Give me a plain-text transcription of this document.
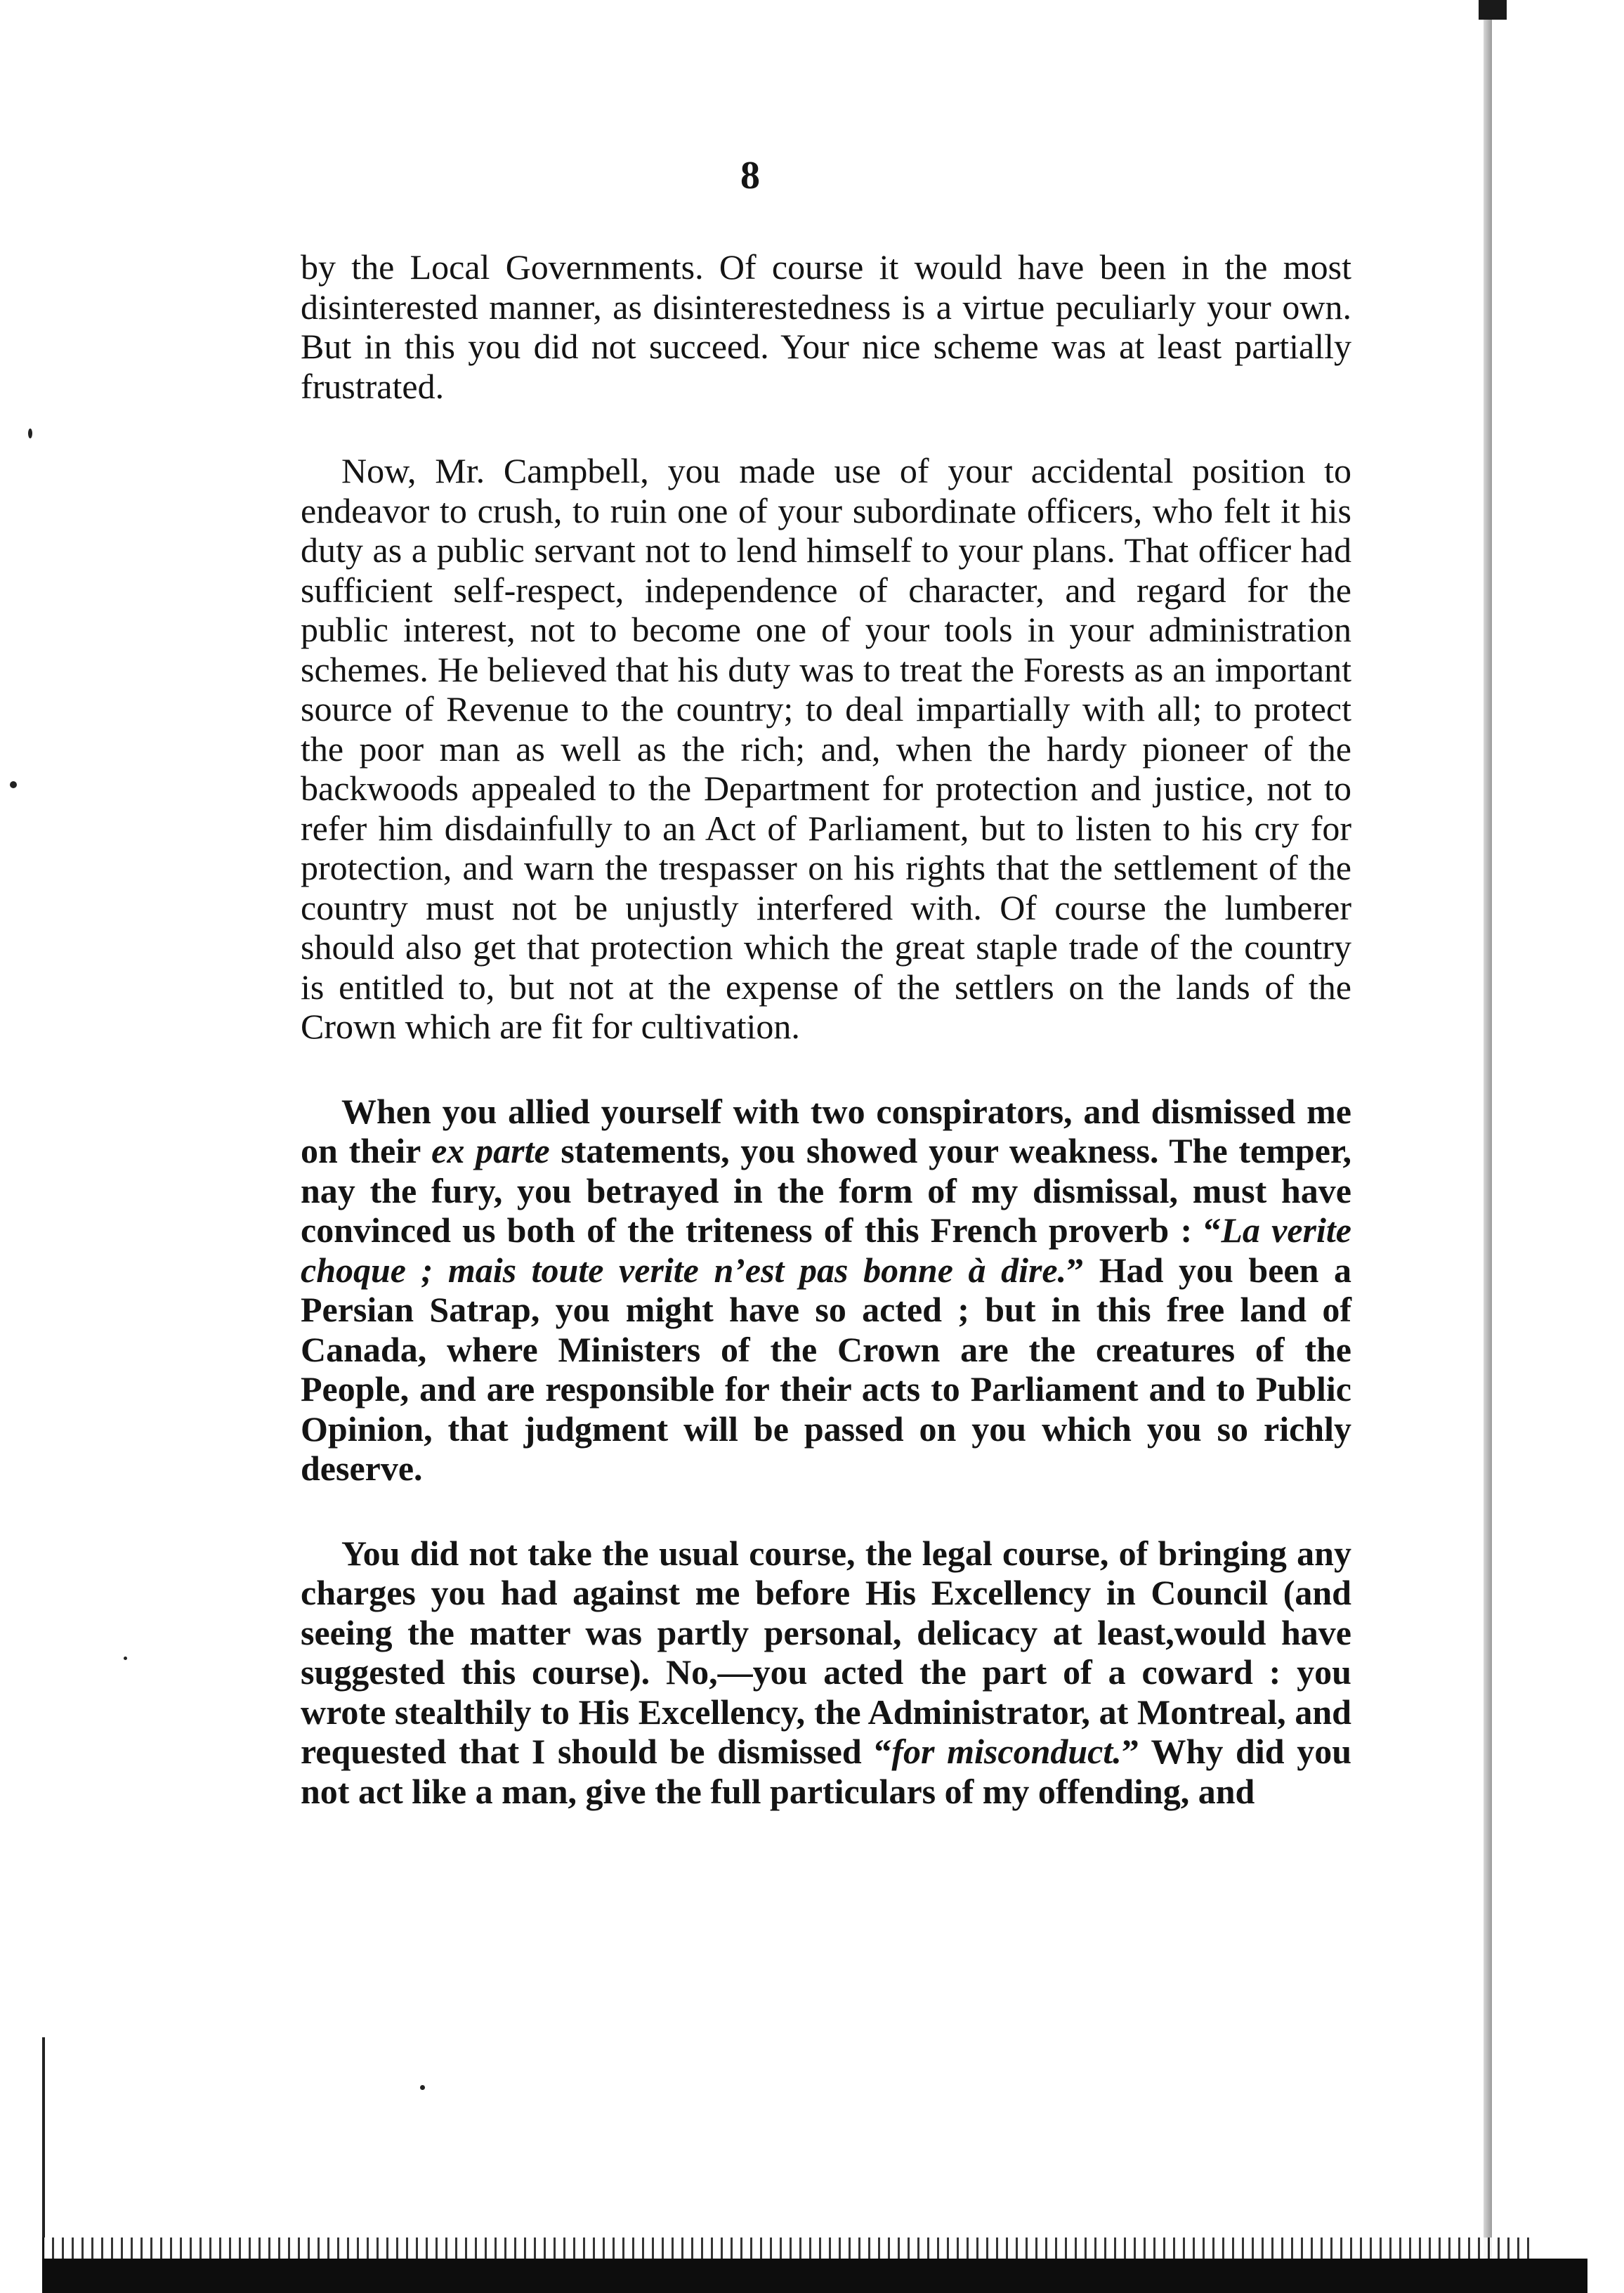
8

by the Local Governments. Of course it would have been in the most disinterested manner, as disinterestedness is a virtue peculiarly your own. But in this you did not succeed. Your nice scheme was at least partially frustrated.

Now, Mr. Campbell, you made use of your accidental position to endeavor to crush, to ruin one of your subordinate officers, who felt it his duty as a public servant not to lend himself to your plans. That officer had sufficient self-respect, independence of character, and regard for the public interest, not to become one of your tools in your administration schemes. He believed that his duty was to treat the Forests as an important source of Revenue to the country; to deal impartially with all; to protect the poor man as well as the rich; and, when the hardy pioneer of the backwoods appealed to the Department for protection and justice, not to refer him disdainfully to an Act of Parliament, but to listen to his cry for protection, and warn the trespasser on his rights that the settlement of the country must not be unjustly interfered with. Of course the lumberer should also get that protection which the great staple trade of the country is entitled to, but not at the expense of the settlers on the lands of the Crown which are fit for cultivation.

When you allied yourself with two conspirators, and dismissed me on their ex parte statements, you showed your weakness. The temper, nay the fury, you betrayed in the form of my dismissal, must have convinced us both of the triteness of this French proverb : “La verite choque ; mais toute verite n’est pas bonne à dire.” Had you been a Persian Satrap, you might have so acted ; but in this free land of Canada, where Ministers of the Crown are the creatures of the People, and are responsible for their acts to Parliament and to Public Opinion, that judgment will be passed on you which you so richly deserve.

You did not take the usual course, the legal course, of bringing any charges you had against me before His Excellency in Council (and seeing the matter was partly personal, delicacy at least,would have suggested this course). No,—you acted the part of a coward : you wrote stealthily to His Excellency, the Administrator, at Montreal, and requested that I should be dismissed “for misconduct.” Why did you not act like a man, give the full particulars of my offending, and
